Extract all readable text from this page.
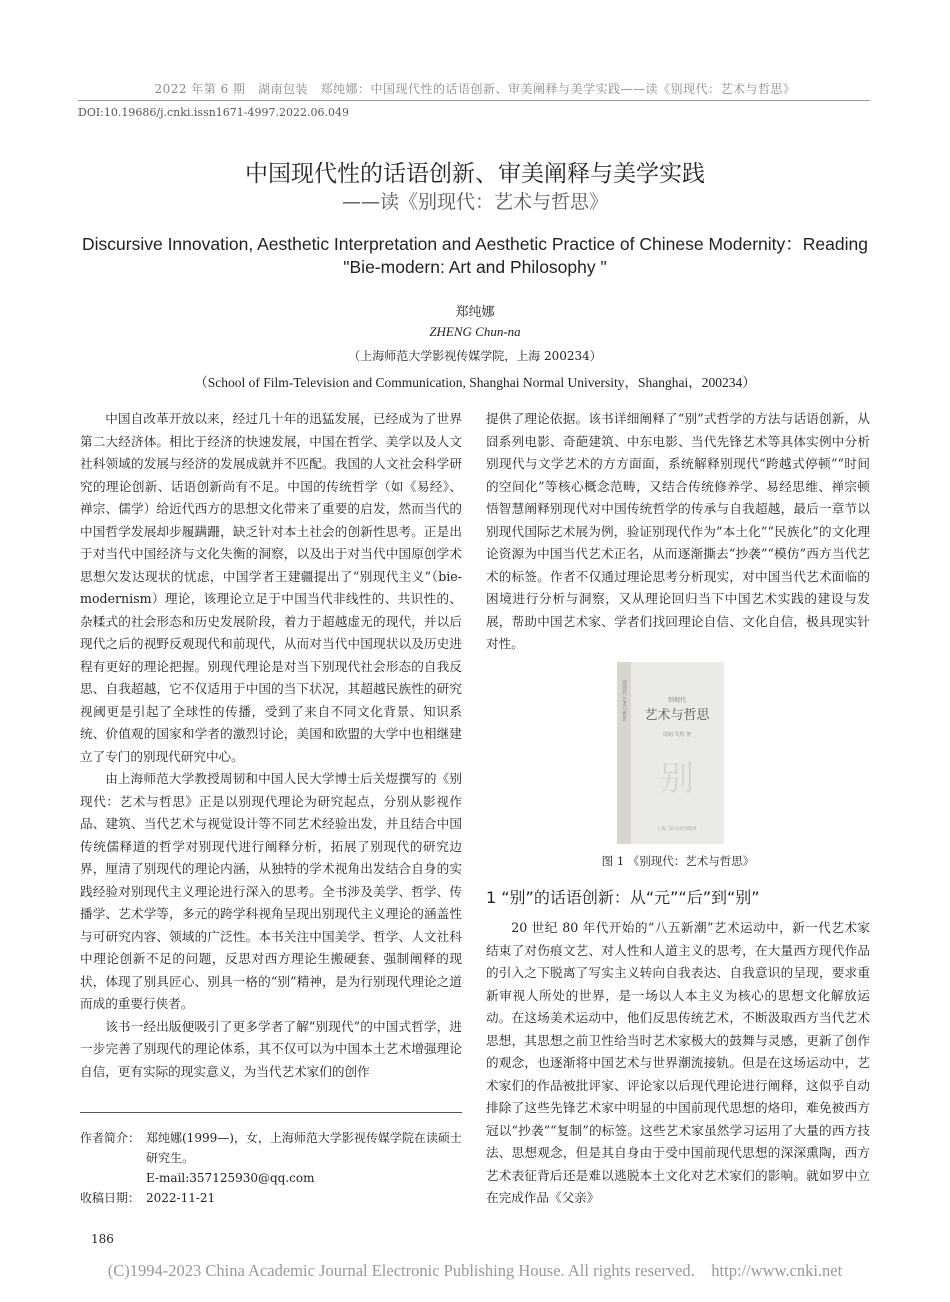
2022 年第 6 期　湖南包装　郑纯娜：中国现代性的话语创新、审美阐释与美学实践——读《别现代：艺术与哲思》
DOI:10.19686/j.cnki.issn1671-4997.2022.06.049
中国现代性的话语创新、审美阐释与美学实践
——读《别现代：艺术与哲思》
Discursive Innovation, Aesthetic Interpretation and Aesthetic Practice of Chinese Modernity：Reading "Bie-modern: Art and Philosophy "
郑纯娜
ZHENG Chun-na
（上海师范大学影视传媒学院，上海 200234）
（School of Film-Television and Communication, Shanghai Normal University，Shanghai，200234）

中国自改革开放以来，经过几十年的迅猛发展，已经成为了世界第二大经济体。相比于经济的快速发展，中国在哲学、美学以及人文社科领域的发展与经济的发展成就并不匹配。我国的人文社会科学研究的理论创新、话语创新尚有不足。中国的传统哲学（如《易经》、禅宗、儒学）给近代西方的思想文化带来了重要的启发，然而当代的中国哲学发展却步履蹒跚，缺乏针对本土社会的创新性思考。正是出于对当代中国经济与文化失衡的洞察，以及出于对当代中国原创学术思想欠发达现状的忧虑，中国学者王建疆提出了“别现代主义”（bie-modernism）理论，该理论立足于中国当代非线性的、共识性的、杂糅式的社会形态和历史发展阶段，着力于超越虚无的现代，并以后现代之后的视野反观现代和前现代，从而对当代中国现状以及历史进程有更好的理论把握。别现代理论是对当下别现代社会形态的自我反思、自我超越，它不仅适用于中国的当下状况，其超越民族性的研究视阈更是引起了全球性的传播，受到了来自不同文化背景、知识系统、价值观的国家和学者的激烈讨论，美国和欧盟的大学中也相继建立了专门的别现代研究中心。

由上海师范大学教授周韧和中国人民大学博士后关煜撰写的《别现代：艺术与哲思》正是以别现代理论为研究起点，分别从影视作品、建筑、当代艺术与视觉设计等不同艺术经验出发，并且结合中国传统儒释道的哲学对别现代进行阐释分析，拓展了别现代的研究边界，厘清了别现代的理论内涵，从独特的学术视角出发结合自身的实践经验对别现代主义理论进行深入的思考。全书涉及美学、哲学、传播学、艺术学等，多元的跨学科视角呈现出别现代主义理论的涵盖性与可研究内容、领域的广泛性。本书关注中国美学、哲学、人文社科中理论创新不足的问题，反思对西方理论生搬硬套、强制阐释的现状，体现了别具匠心、别具一格的“别”精神，是为行别现代理论之道而成的重要行侠者。

该书一经出版便吸引了更多学者了解“别现代”的中国式哲学，进一步完善了别现代的理论体系，其不仅可以为中国本土艺术增强理论自信，更有实际的现实意义，为当代艺术家们的创作

提供了理论依据。该书详细阐释了“别”式哲学的方法与话语创新，从囧系列电影、奇葩建筑、中东电影、当代先锋艺术等具体实例中分析别现代与文学艺术的方方面面，系统解释别现代“跨越式停顿”“时间的空间化”等核心概念范畴，又结合传统修养学、易经思维、禅宗顿悟智慧阐释别现代对中国传统哲学的传承与自我超越，最后一章节以别现代国际艺术展为例，验证别现代作为“本土化”“民族化”的文化理论资源为中国当代艺术正名，从而逐渐撕去“抄袭”“模仿”西方当代艺术的标签。作者不仅通过理论思考分析现实，对中国当代艺术面临的困境进行分析与洞察，又从理论回归当下中国艺术实践的建设与发展，帮助中国艺术家、学者们找回理论自信、文化自信，极具现实针对性。

别现代 艺术与哲思	别现代
艺术与哲思
周韧 关煜 著
别
上海三联书店出版社
图 1 《别现代：艺术与哲思》
1 “别”的话语创新：从“元”“后”到“别”

20 世纪 80 年代开始的“八五新潮”艺术运动中，新一代艺术家结束了对伤痕文艺、对人性和人道主义的思考，在大量西方现代作品的引入之下脱离了写实主义转向自我表达、自我意识的呈现，要求重新审视人所处的世界，是一场以人本主义为核心的思想文化解放运动。在这场美术运动中，他们反思传统艺术，不断汲取西方当代艺术思想，其思想之前卫性给当时艺术家极大的鼓舞与灵感，更新了创作的观念，也逐渐将中国艺术与世界潮流接轨。但是在这场运动中，艺术家们的作品被批评家、评论家以后现代理论进行阐释，这似乎自动排除了这些先锋艺术家中明显的中国前现代思想的烙印，难免被西方冠以“抄袭”“复制”的标签。这些艺术家虽然学习运用了大量的西方技法、思想观念，但是其自身由于受中国前现代思想的深深熏陶，西方艺术表征背后还是难以逃脱本土文化对艺术家们的影响。就如罗中立在完成作品《父亲》

作者简介： 郑纯娜(1999—)，女，上海师范大学影视传媒学院在读硕士研究生。
E-mail:357125930@qq.com
收稿日期： 2022-11-21
186
(C)1994-2023 China Academic Journal Electronic Publishing House. All rights reserved.　http://www.cnki.net
